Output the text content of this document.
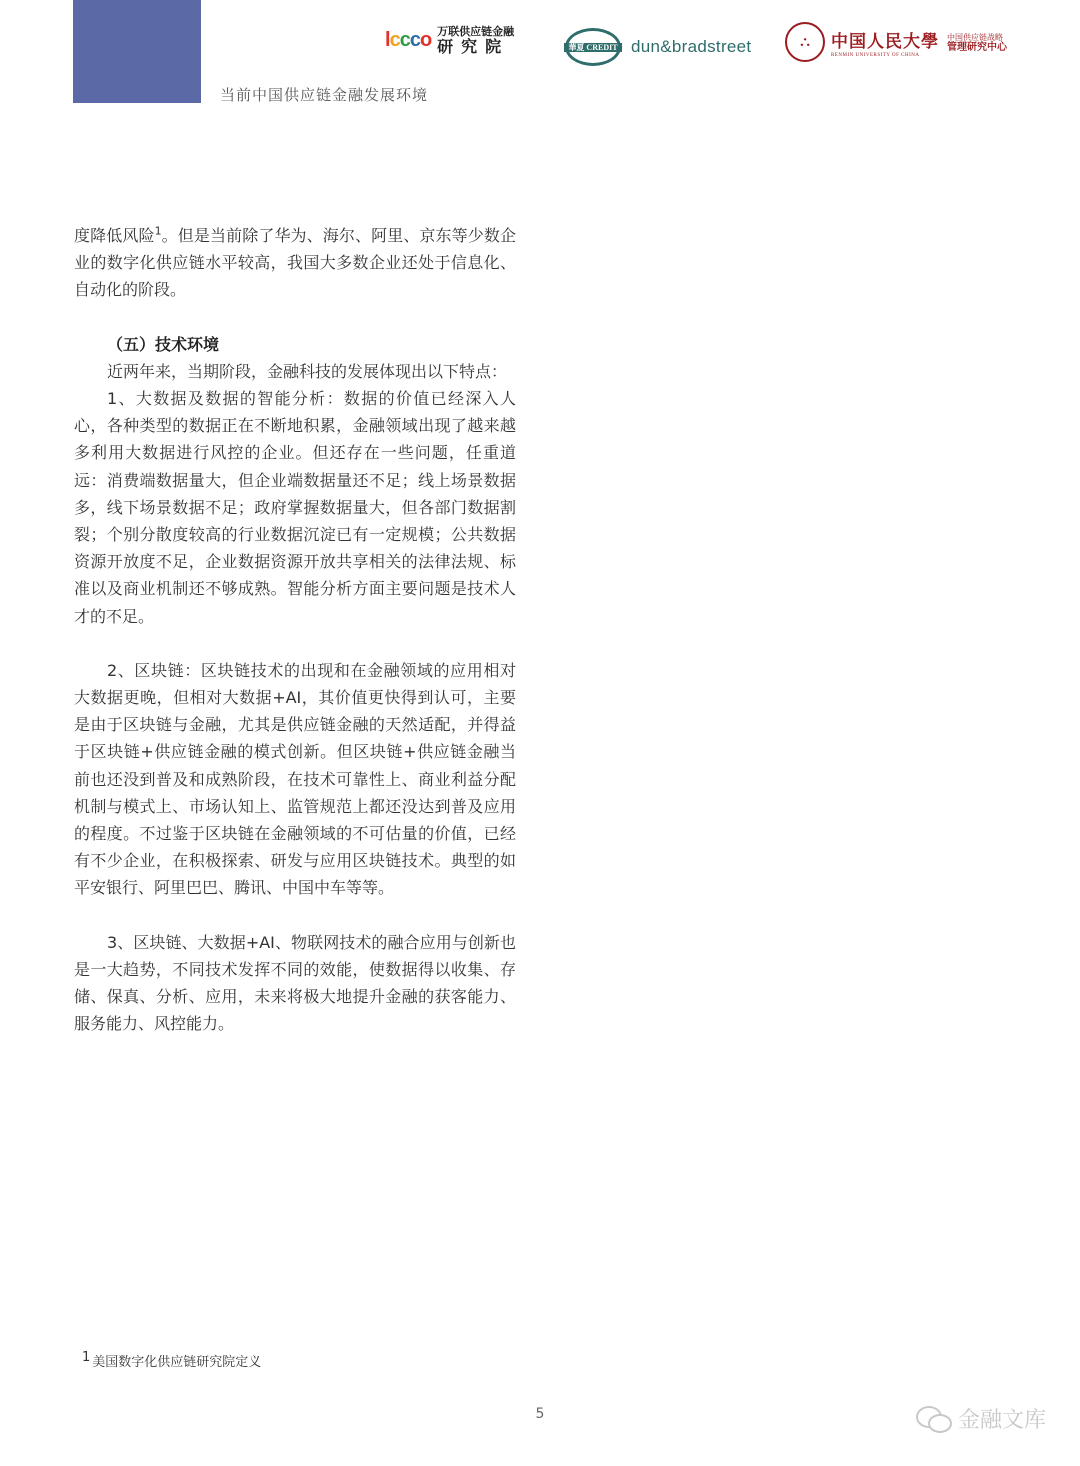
l c c c o 万联供应链金融
研究院	華夏 CREDIT dun&bradstreet	⛬	中国人民大學
RENMIN UNIVERSITY OF CHINA
中国供应链战略
管理研究中心
当前中国供应链金融发展环境

度降低风险$^1$。但是当前除了华为、海尔、阿里、京东等少数企业的数字化供应链水平较高，我国大多数企业还处于信息化、自动化的阶段。

（五）技术环境

近两年来，当期阶段，金融科技的发展体现出以下特点：

1、大数据及数据的智能分析：数据的价值已经深入人心，各种类型的数据正在不断地积累，金融领域出现了越来越多利用大数据进行风控的企业。但还存在一些问题，任重道远：消费端数据量大，但企业端数据量还不足；线上场景数据多，线下场景数据不足；政府掌握数据量大，但各部门数据割裂；个别分散度较高的行业数据沉淀已有一定规模；公共数据资源开放度不足，企业数据资源开放共享相关的法律法规、标准以及商业机制还不够成熟。智能分析方面主要问题是技术人才的不足。

2、区块链：区块链技术的出现和在金融领域的应用相对大数据更晚，但相对大数据+AI，其价值更快得到认可，主要是由于区块链与金融，尤其是供应链金融的天然适配，并得益于区块链+供应链金融的模式创新。但区块链+供应链金融当前也还没到普及和成熟阶段，在技术可靠性上、商业利益分配机制与模式上、市场认知上、监管规范上都还没达到普及应用的程度。不过鉴于区块链在金融领域的不可估量的价值，已经有不少企业，在积极探索、研发与应用区块链技术。典型的如平安银行、阿里巴巴、腾讯、中国中车等等。

3、区块链、大数据+AI、物联网技术的融合应用与创新也是一大趋势，不同技术发挥不同的效能，使数据得以收集、存储、保真、分析、应用，未来将极大地提升金融的获客能力、服务能力、风控能力。

1 美国数字化供应链研究院定义
5	金融文库
